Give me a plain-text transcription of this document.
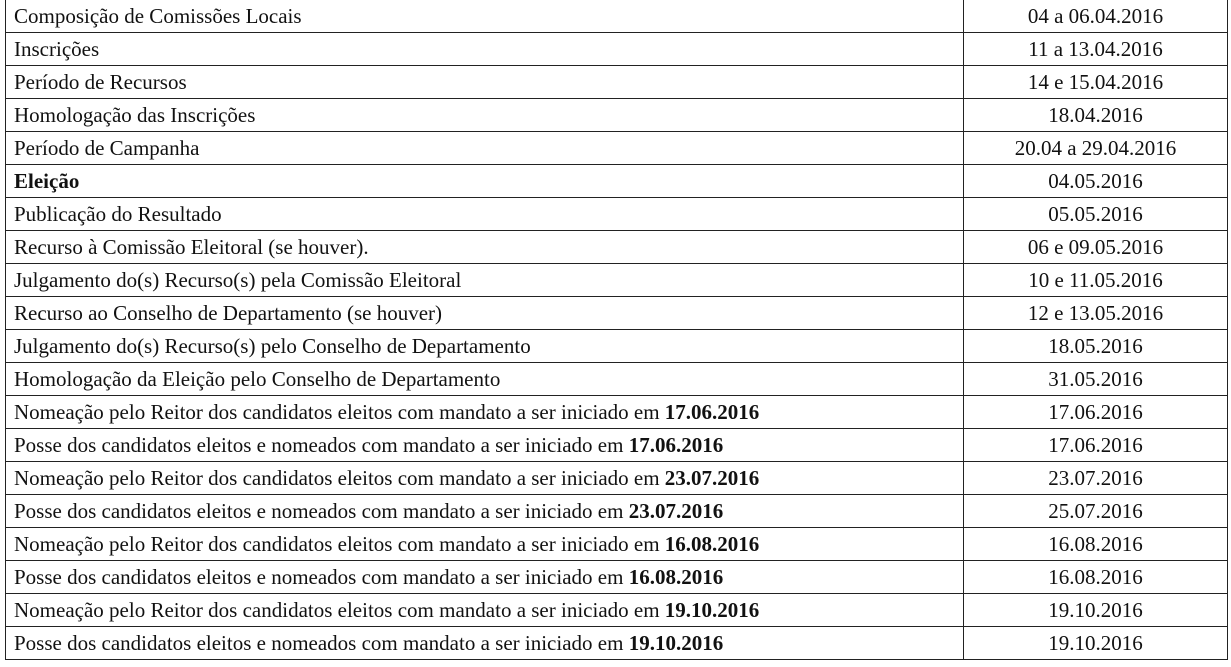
Composição de Comissões Locais	04 a 06.04.2016
Inscrições	11 a 13.04.2016
Período de Recursos	14 e 15.04.2016
Homologação das Inscrições	18.04.2016
Período de Campanha	20.04 a 29.04.2016
Eleição	04.05.2016
Publicação do Resultado	05.05.2016
Recurso à Comissão Eleitoral (se houver).	06 e 09.05.2016
Julgamento do(s) Recurso(s) pela Comissão Eleitoral	10 e 11.05.2016
Recurso ao Conselho de Departamento (se houver)	12 e 13.05.2016
Julgamento do(s) Recurso(s) pelo Conselho de Departamento	18.05.2016
Homologação da Eleição pelo Conselho de Departamento	31.05.2016
Nomeação pelo Reitor dos candidatos eleitos com mandato a ser iniciado em 17.06.2016	17.06.2016
Posse dos candidatos eleitos e nomeados com mandato a ser iniciado em 17.06.2016	17.06.2016
Nomeação pelo Reitor dos candidatos eleitos com mandato a ser iniciado em 23.07.2016	23.07.2016
Posse dos candidatos eleitos e nomeados com mandato a ser iniciado em 23.07.2016	25.07.2016
Nomeação pelo Reitor dos candidatos eleitos com mandato a ser iniciado em 16.08.2016	16.08.2016
Posse dos candidatos eleitos e nomeados com mandato a ser iniciado em 16.08.2016	16.08.2016
Nomeação pelo Reitor dos candidatos eleitos com mandato a ser iniciado em 19.10.2016	19.10.2016
Posse dos candidatos eleitos e nomeados com mandato a ser iniciado em 19.10.2016	19.10.2016
